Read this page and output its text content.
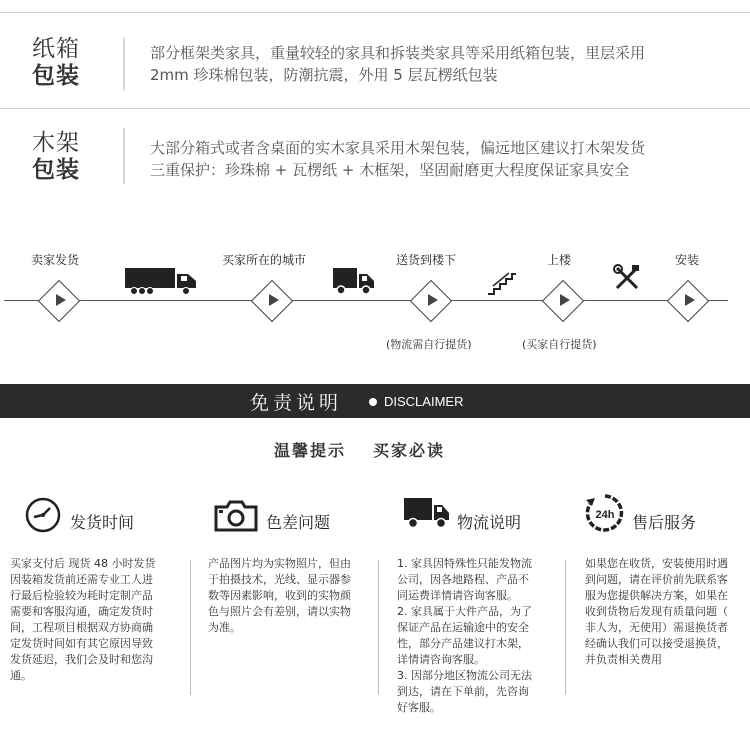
纸箱
包装
部分框架类家具，重量较轻的家具和拆装类家具等采用纸箱包装，里层采用
2mm 珍珠棉包装，防潮抗震，外用 5 层瓦楞纸包装
木架
包装
大部分箱式或者含桌面的实木家具采用木架包装，偏远地区建议打木架发货
三重保护：珍珠棉 + 瓦楞纸 + 木框架，坚固耐磨更大程度保证家具安全
卖家发货	买家所在的城市	送货到楼下	上楼	安装
(物流需自行提货)	(买家自行提货)
免责说明	DISCLAIMER
温馨提示 买家必读
发货时间	色差问题	物流说明	24h 售后服务
买家支付后 现货 48 小时发货
因装箱发货前还需专业工人进
行最后检验较为耗时定制产品
需要和客服沟通，确定发货时
间，工程项目根据双方协商确
定发货时间如有其它原因导致
发货延迟，我们会及时和您沟
通。
产品图片均为实物照片，但由
于拍摄技术，光线、显示器参
数等因素影响，收到的实物颜
色与照片会有差别，请以实物
为准。
1. 家具因特殊性只能发物流
公司，因各地路程、产品不
同运费详情请咨询客服。
2. 家具属于大件产品，为了
保证产品在运输途中的安全
性，部分产品建议打木架，
详情请咨询客服。
3. 因部分地区物流公司无法
到达，请在下单前，先咨询
好客服。
如果您在收货，安装使用时遇
到问题，请在评价前先联系客
服为您提供解决方案，如果在
收到货物后发现有质量问题（
非人为，无使用）需退换货者
经确认我们可以接受退换货，
并负责相关费用
